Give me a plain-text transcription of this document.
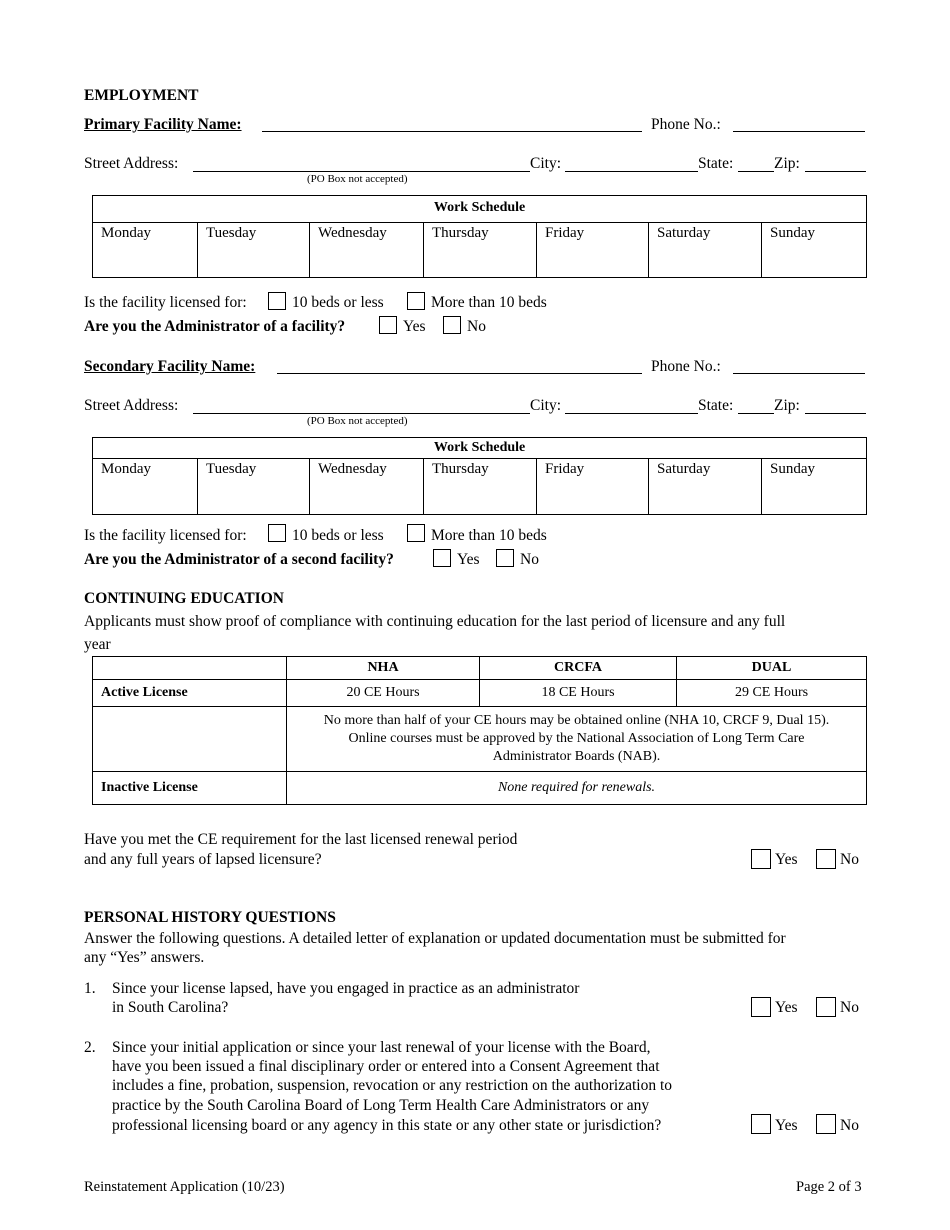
EMPLOYMENT
Primary Facility Name:	Phone No.:
Street Address:	City:	State:	Zip:
(PO Box not accepted)
Work Schedule
Monday	Tuesday	Wednesday	Thursday	Friday	Saturday	Sunday
Is the facility licensed for:	10 beds or less	More than 10 beds
Are you the Administrator of a facility?	Yes	No
Secondary Facility Name:	Phone No.:
Street Address:	City:	State:	Zip:
(PO Box not accepted)
Work Schedule
Monday	Tuesday	Wednesday	Thursday	Friday	Saturday	Sunday
Is the facility licensed for:	10 beds or less	More than 10 beds
Are you the Administrator of a second facility?	Yes	No
CONTINUING EDUCATION
Applicants must show proof of compliance with continuing education for the last period of licensure and any full
year
	NHA	CRCFA	DUAL
Active License	20 CE Hours	18 CE Hours	29 CE Hours

	No more than half of your CE hours may be obtained online (NHA 10, CRCF 9, Dual 15).
Online courses must be approved by the National Association of Long Term Care
Administrator Boards (NAB).		

Inactive License	None required for renewals.		
Have you met the CE requirement for the last licensed renewal period
and any full years of lapsed licensure?	Yes	No
PERSONAL HISTORY QUESTIONS
Answer the following questions. A detailed letter of explanation or updated documentation must be submitted for
any “Yes” answers.
1. Since your license lapsed, have you engaged in practice as an administrator
in South Carolina?	Yes	No
2. Since your initial application or since your last renewal of your license with the Board,
have you been issued a final disciplinary order or entered into a Consent Agreement that
includes a fine, probation, suspension, revocation or any restriction on the authorization to
practice by the South Carolina Board of Long Term Health Care Administrators or any
professional licensing board or any agency in this state or any other state or jurisdiction?	Yes	No
Reinstatement Application (10/23)	Page 2 of 3
